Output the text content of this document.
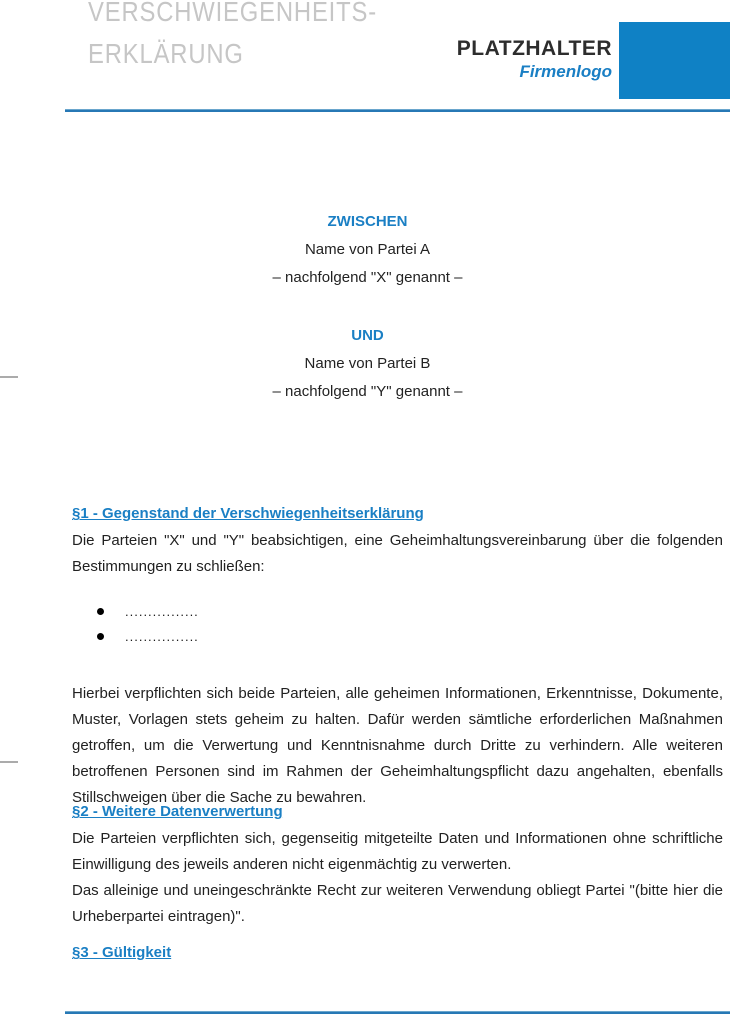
VERSCHWIEGENHEITS-
ERKLÄRUNG	PLATZHALTER
Firmenlogo
ZWISCHEN
Name von Partei A
– nachfolgend "X" genannt –
UND
Name von Partei B
– nachfolgend "Y" genannt –
§1 - Gegenstand der Verschwiegenheitserklärung
Die Parteien "X" und "Y" beabsichtigen, eine Geheimhaltungsvereinbarung über die folgenden Bestimmungen zu schließen:
................
................
Hierbei verpflichten sich beide Parteien, alle geheimen Informationen, Erkenntnisse, Dokumente, Muster, Vorlagen stets geheim zu halten. Dafür werden sämtliche erforderlichen Maßnahmen getroffen, um die Verwertung und Kenntnisnahme durch Dritte zu verhindern. Alle weiteren betroffenen Personen sind im Rahmen der Geheimhaltungspflicht dazu angehalten, ebenfalls Stillschweigen über die Sache zu bewahren.
§2 - Weitere Datenverwertung
Die Parteien verpflichten sich, gegenseitig mitgeteilte Daten und Informationen ohne schriftliche Einwilligung des jeweils anderen nicht eigenmächtig zu verwerten.
Das alleinige und uneingeschränkte Recht zur weiteren Verwendung obliegt Partei "(bitte hier die Urheberpartei eintragen)".
§3 - Gültigkeit
